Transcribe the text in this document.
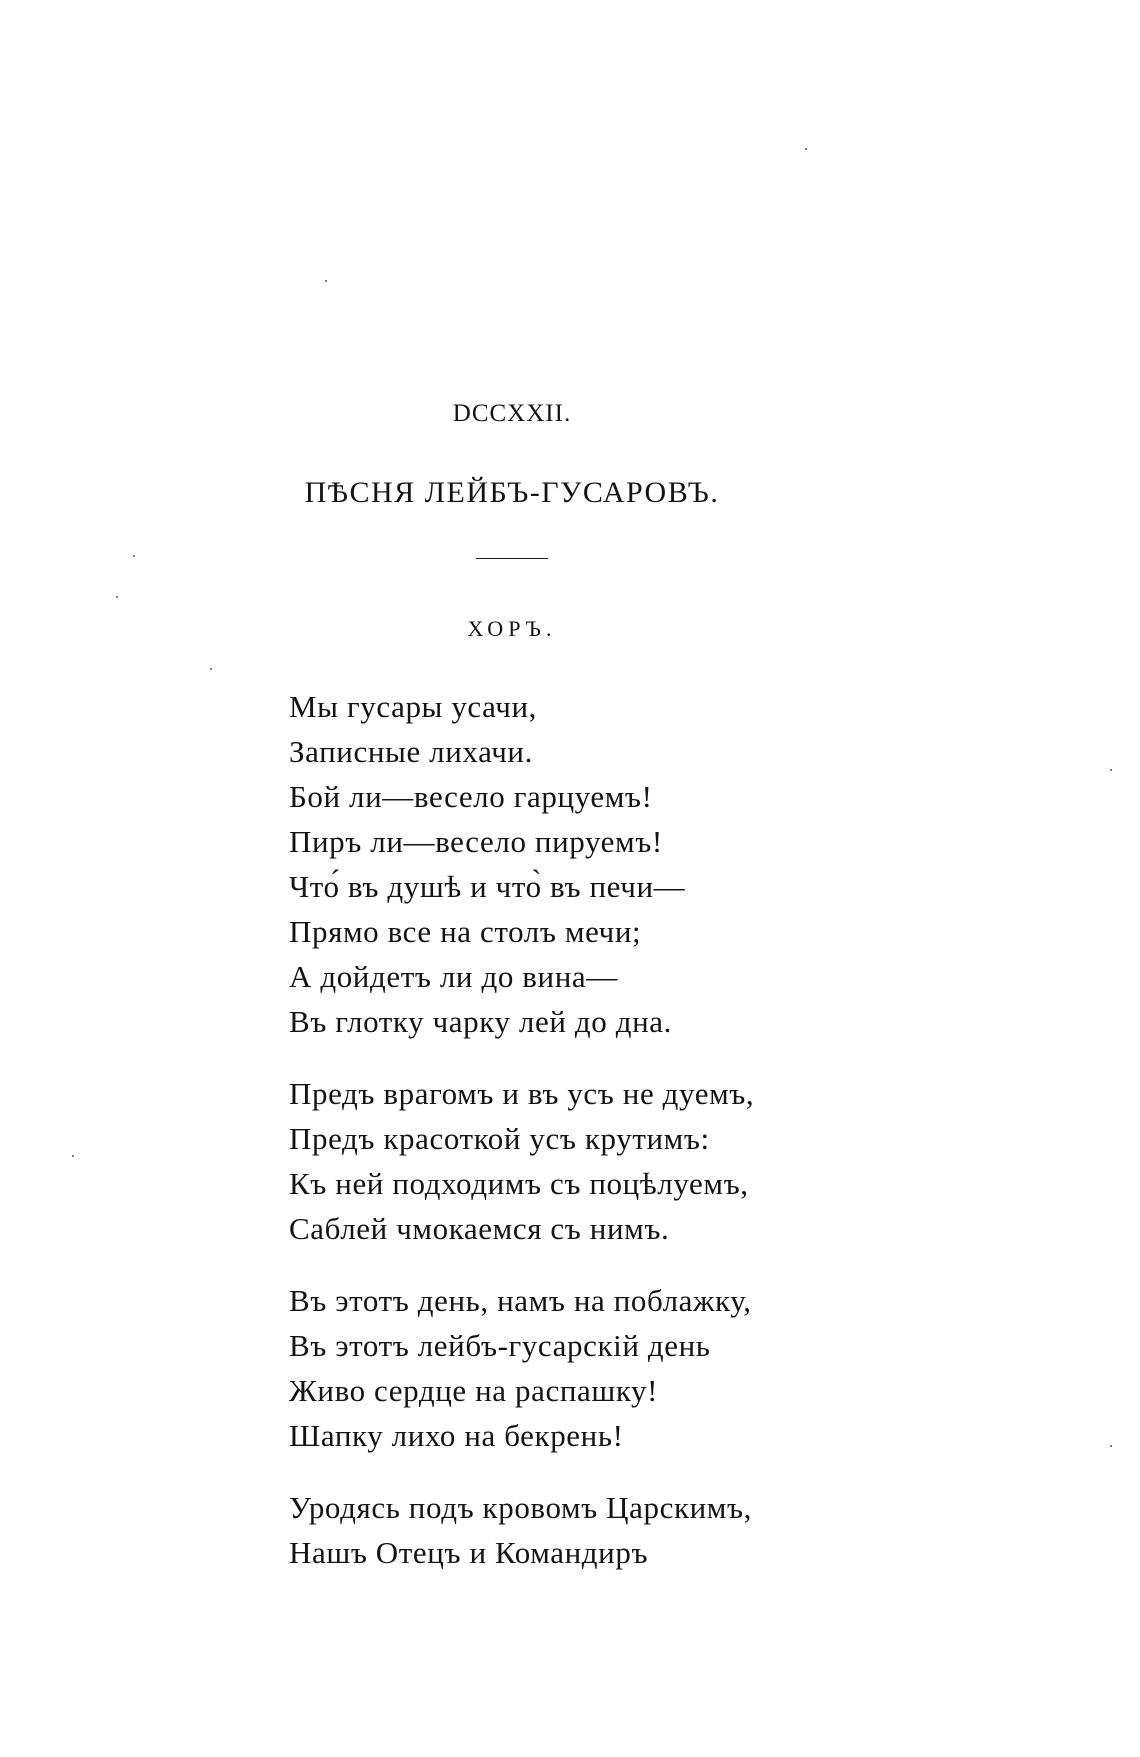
DCCXXII.
ПѢСНЯ ЛЕЙБЪ-ГУСАРОВЪ.

ХОРЪ.

Мы гусары усачи,
Записные лихачи.
Бой ли—весело гарцуемъ!
Пиръ ли—весело пируемъ!
Что́ въ душѣ и что̀ въ печи—
Прямо все на столъ мечи;
А дойдетъ ли до вина—
Въ глотку чарку лей до дна.
Предъ врагомъ и въ усъ не дуемъ,
Предъ красоткой усъ крутимъ:
Къ ней подходимъ съ поцѣлуемъ,
Саблей чмокаемся съ нимъ.
Въ этотъ день, намъ на поблажку,
Въ этотъ лейбъ-гусарскій день
Живо сердце на распашку!
Шапку лихо на бекрень!
Уродясь подъ кровомъ Царскимъ,
Нашъ Отецъ и Командиръ
